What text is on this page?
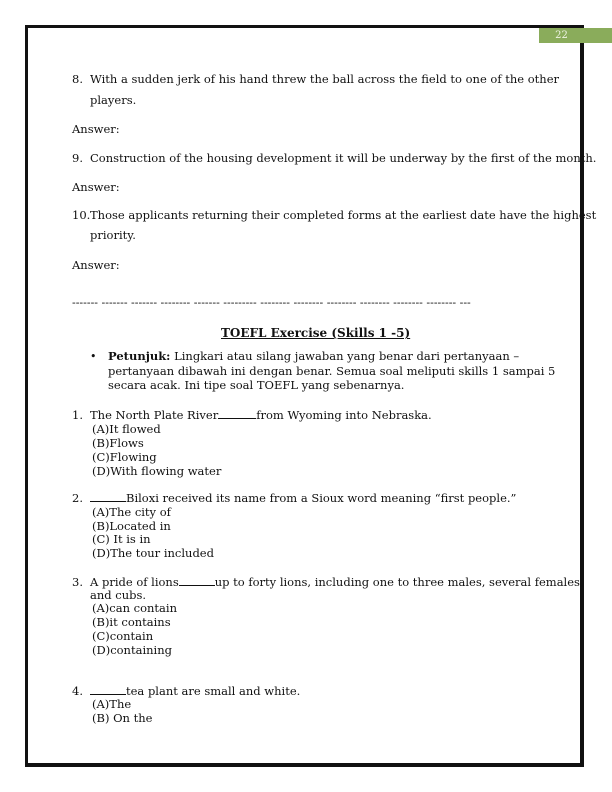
22
8. With a sudden jerk of his hand threw the ball across the field to one of the other
players.
Answer:
9. Construction of the housing development it will be underway by the first of the month.
Answer:
10.Those applicants returning their completed forms at the earliest date have the highest
priority.
Answer:
------- ------- ------- -------- ------- --------- -------- -------- -------- -------- -------- -------- ---
TOEFL Exercise (Skills 1 -5)
• Petunjuk: Lingkari atau silang jawaban yang benar dari pertanyaan –
pertanyaan dibawah ini dengan benar. Semua soal meliputi skills 1 sampai 5
secara acak. Ini tipe soal TOEFL yang sebenarnya.
1. The North Plate River	from Wyoming into Nebraska.
(A)It flowed
(B)Flows
(C)Flowing
(D)With flowing water
2.	Biloxi received its name from a Sioux word meaning “first people.”
(A)The city of
(B)Located in
(C) It is in
(D)The tour included
3. A pride of lions	up to forty lions, including one to three males, several females,
and cubs.
(A)can contain
(B)it contains
(C)contain
(D)containing
4.	tea plant are small and white.
(A)The
(B) On the
